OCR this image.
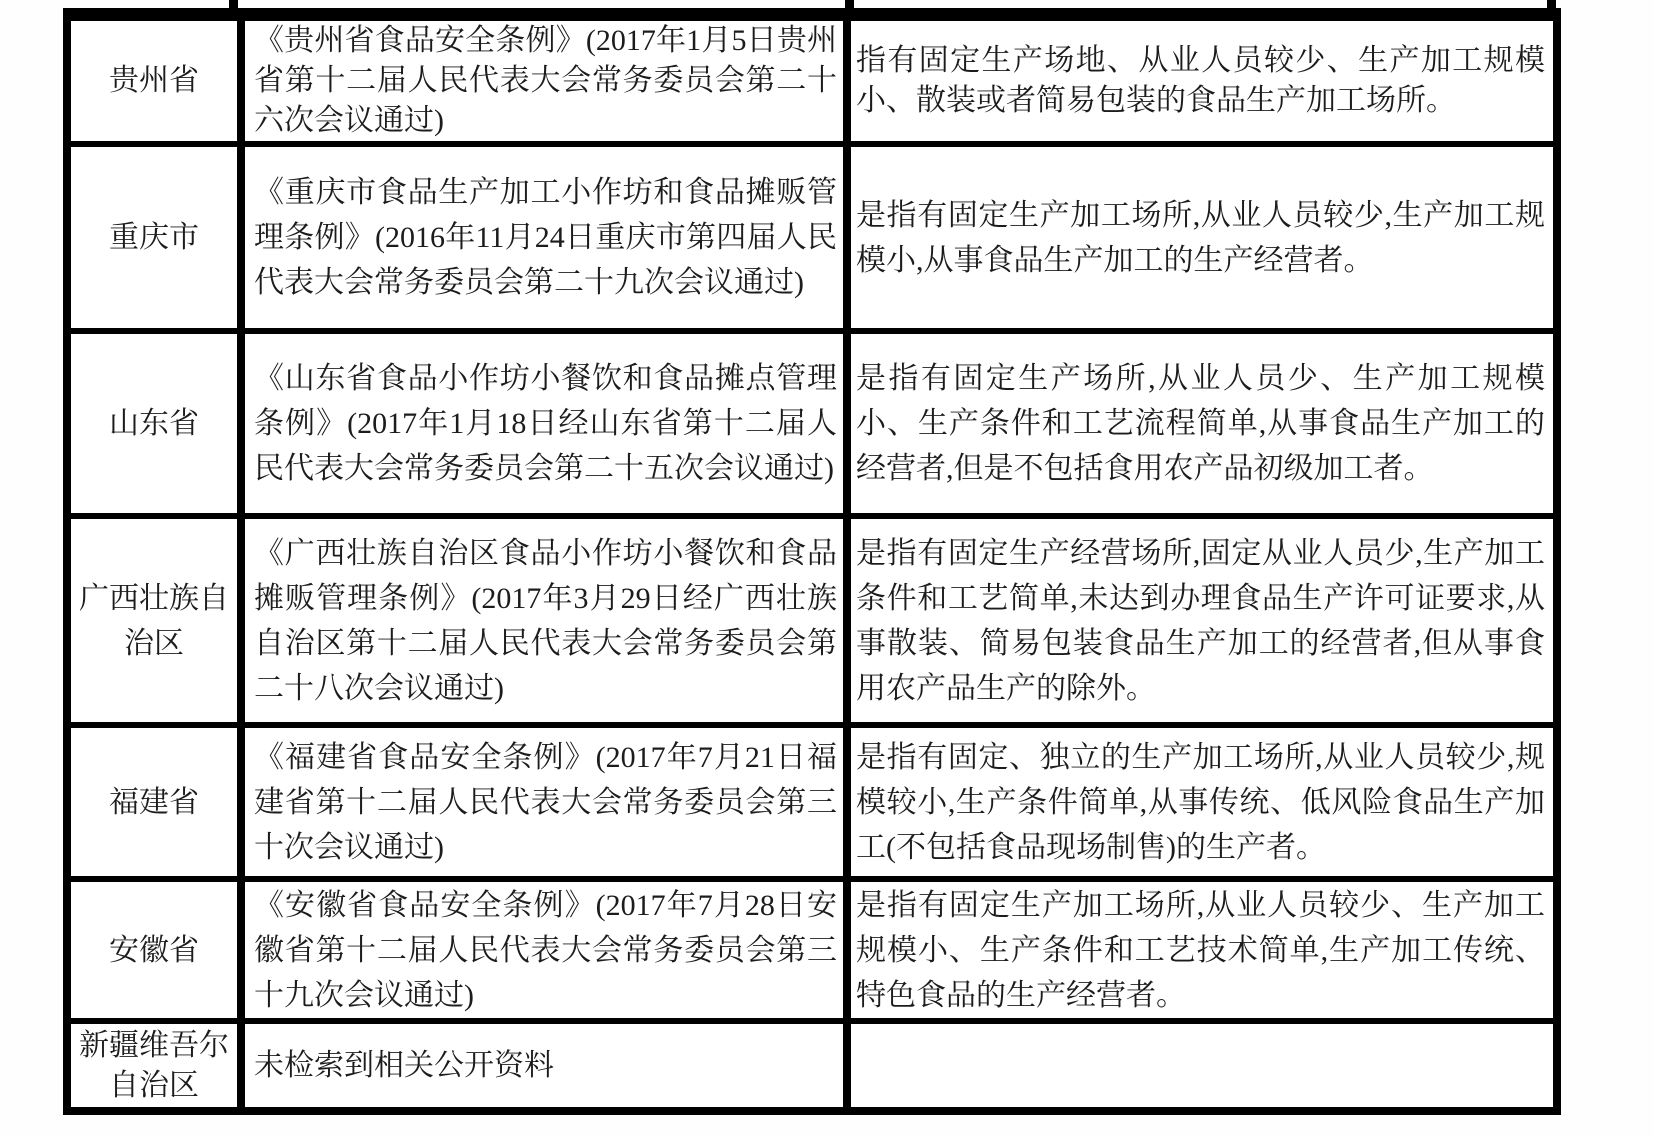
贵州省
《贵州省食品安全条例》(2017年1月5日贵州省第十二届人民代表大会常务委员会第二十六次会议通过)
指有固定生产场地、从业人员较少、生产加工规模小、散装或者简易包装的食品生产加工场所。
重庆市
《重庆市食品生产加工小作坊和食品摊贩管理条例》(2016年11月24日重庆市第四届人民代表大会常务委员会第二十九次会议通过)
是指有固定生产加工场所,从业人员较少,生产加工规模小,从事食品生产加工的生产经营者。
山东省
《山东省食品小作坊小餐饮和食品摊点管理条例》(2017年1月18日经山东省第十二届人民代表大会常务委员会第二十五次会议通过)
是指有固定生产场所,从业人员少、生产加工规模小、生产条件和工艺流程简单,从事食品生产加工的经营者,但是不包括食用农产品初级加工者。
广西壮族自治区
《广西壮族自治区食品小作坊小餐饮和食品摊贩管理条例》(2017年3月29日经广西壮族自治区第十二届人民代表大会常务委员会第二十八次会议通过)
是指有固定生产经营场所,固定从业人员少,生产加工条件和工艺简单,未达到办理食品生产许可证要求,从事散装、简易包装食品生产加工的经营者,但从事食用农产品生产的除外。
福建省
《福建省食品安全条例》(2017年7月21日福建省第十二届人民代表大会常务委员会第三十次会议通过)
是指有固定、独立的生产加工场所,从业人员较少,规模较小,生产条件简单,从事传统、低风险食品生产加工(不包括食品现场制售)的生产者。
安徽省
《安徽省食品安全条例》(2017年7月28日安徽省第十二届人民代表大会常务委员会第三十九次会议通过)
是指有固定生产加工场所,从业人员较少、生产加工规模小、生产条件和工艺技术简单,生产加工传统、特色食品的生产经营者。
新疆维吾尔自治区
未检索到相关公开资料
